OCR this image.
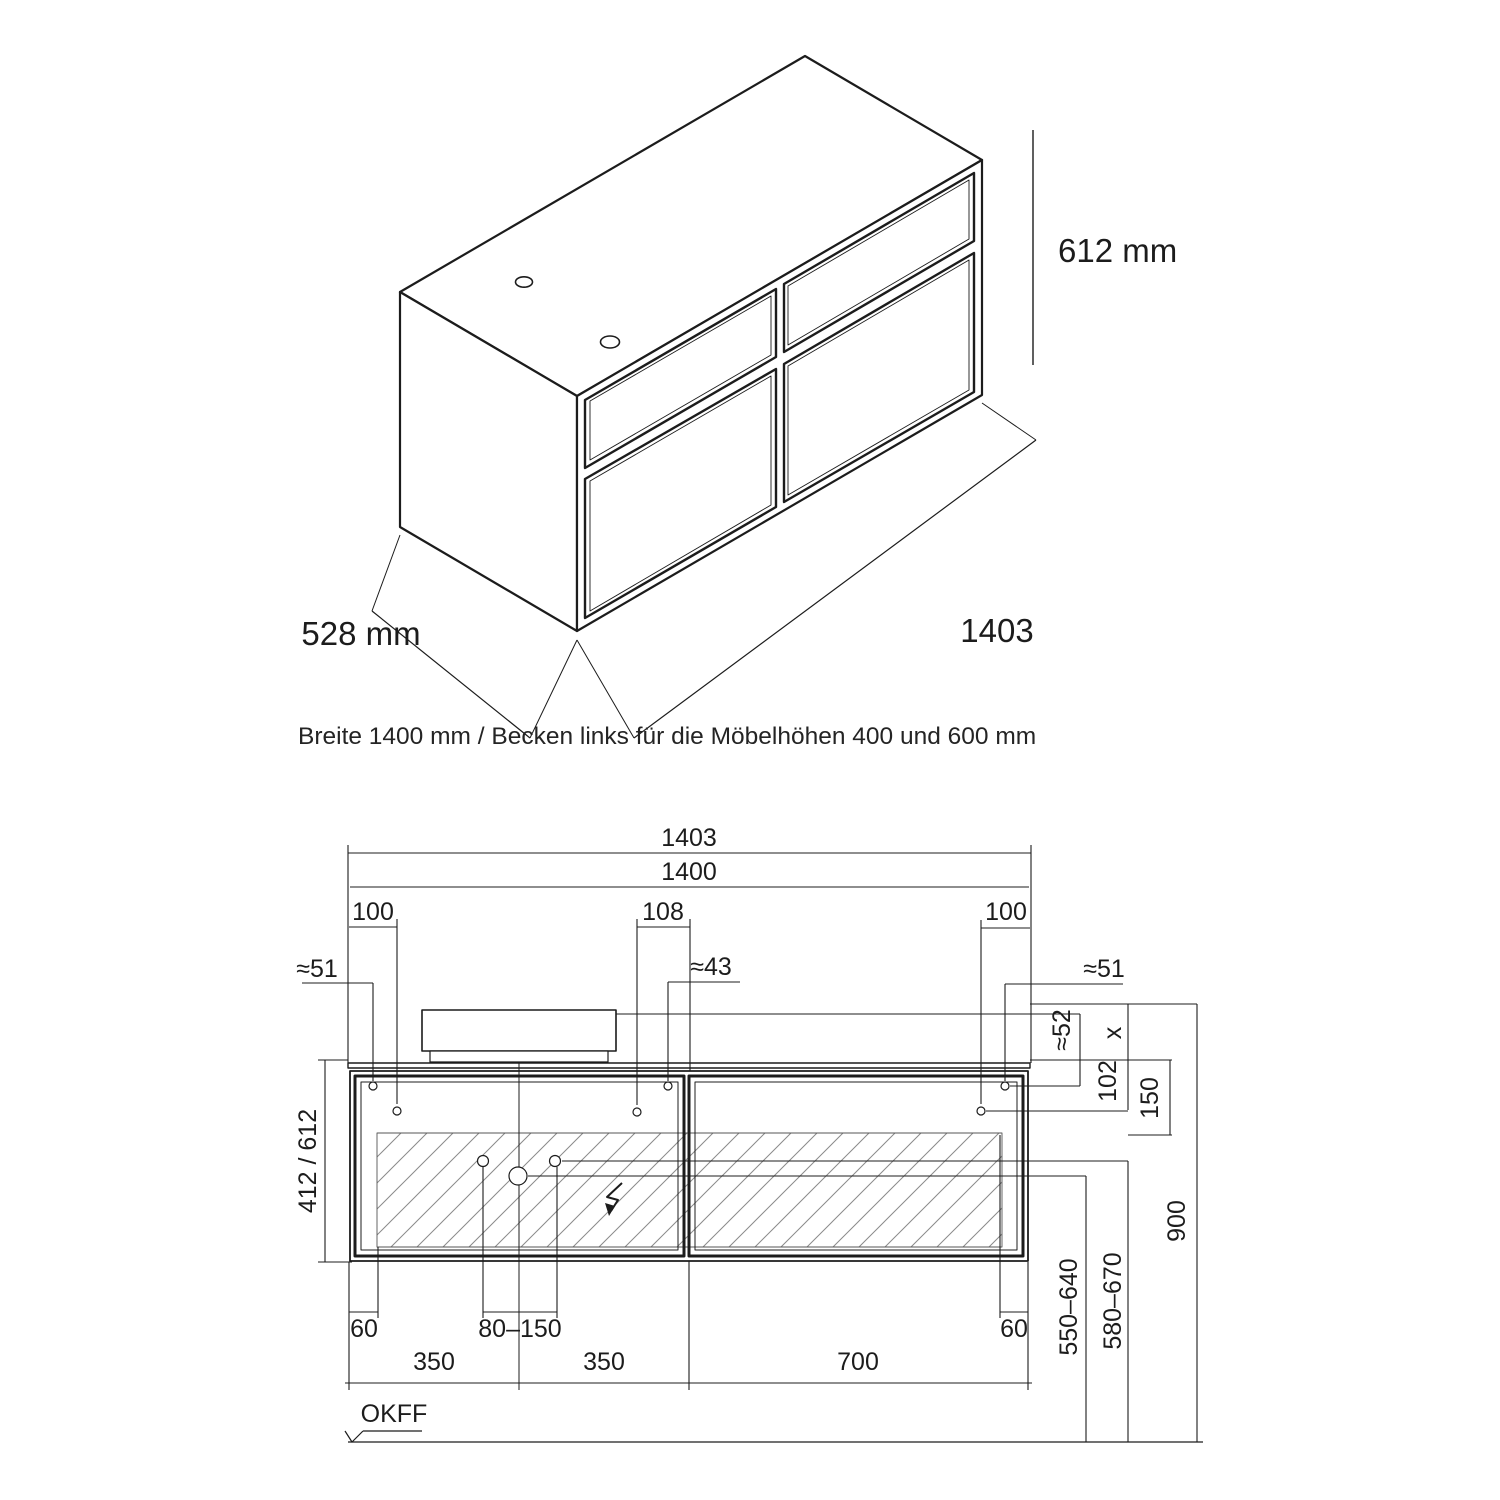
612 mm
1403
528 mm
Breite 1400 mm / Becken links für die Möbelhöhen 400 und 600 mm
1403
1400
100	108	100
≈51	≈43	≈51
≈52 x
102 150
412 / 612
900
550–640 580–670
60	80–150	60
350	350	700
OKFF
